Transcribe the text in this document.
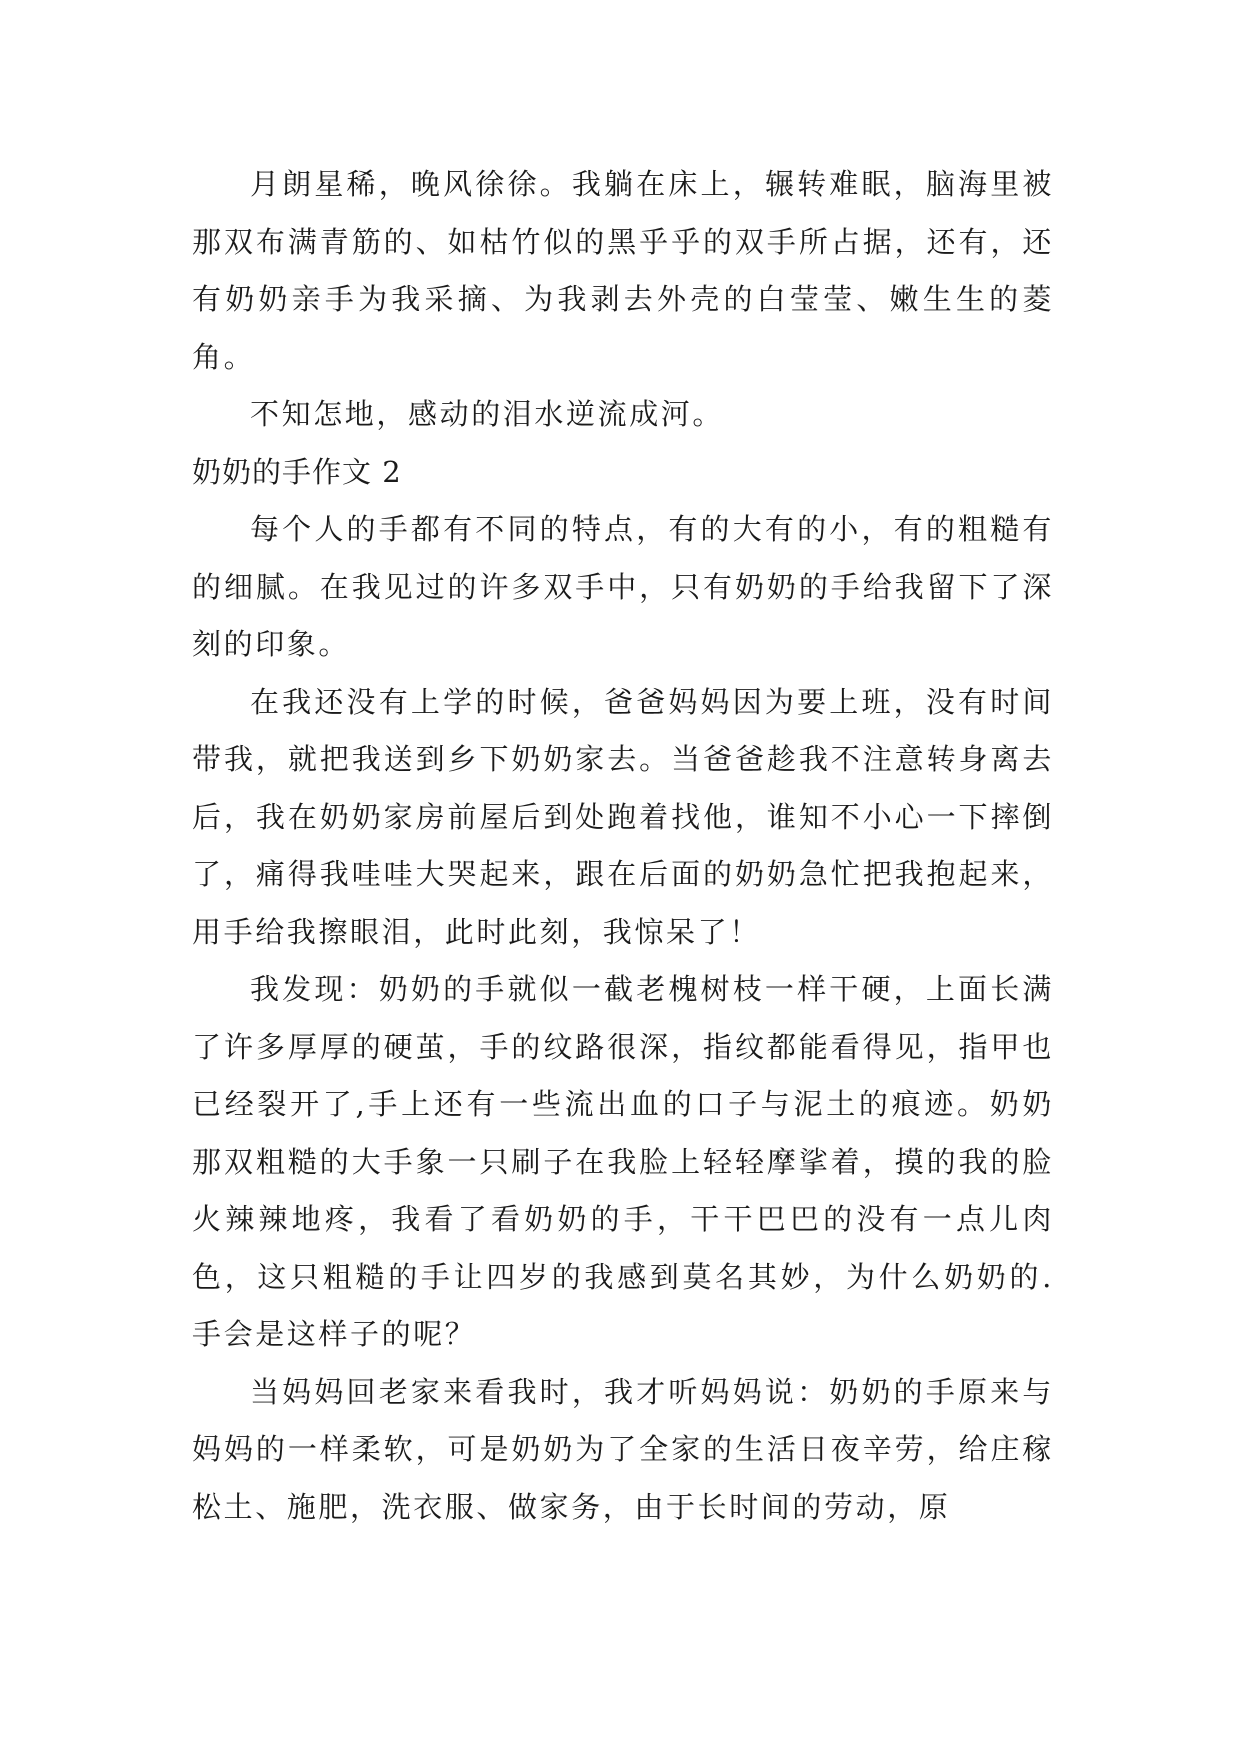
月朗星稀，晚风徐徐。我躺在床上，辗转难眠，脑海里被那双布满青筋的、如枯竹似的黑乎乎的双手所占据，还有，还有奶奶亲手为我采摘、为我剥去外壳的白莹莹、嫩生生的菱角。

不知怎地，感动的泪水逆流成河。

奶奶的手作文 2

每个人的手都有不同的特点，有的大有的小，有的粗糙有的细腻。在我见过的许多双手中，只有奶奶的手给我留下了深刻的印象。

在我还没有上学的时候，爸爸妈妈因为要上班，没有时间带我，就把我送到乡下奶奶家去。当爸爸趁我不注意转身离去后，我在奶奶家房前屋后到处跑着找他，谁知不小心一下摔倒了，痛得我哇哇大哭起来，跟在后面的奶奶急忙把我抱起来，用手给我擦眼泪，此时此刻，我惊呆了！

我发现：奶奶的手就似一截老槐树枝一样干硬，上面长满了许多厚厚的硬茧，手的纹路很深，指纹都能看得见，指甲也已经裂开了,手上还有一些流出血的口子与泥土的痕迹。奶奶那双粗糙的大手象一只刷子在我脸上轻轻摩挲着，摸的我的脸火辣辣地疼，我看了看奶奶的手，干干巴巴的没有一点儿肉色，这只粗糙的手让四岁的我感到莫名其妙，为什么奶奶的.手会是这样子的呢？

当妈妈回老家来看我时，我才听妈妈说：奶奶的手原来与妈妈的一样柔软，可是奶奶为了全家的生活日夜辛劳，给庄稼松土、施肥，洗衣服、做家务，由于长时间的劳动，原
